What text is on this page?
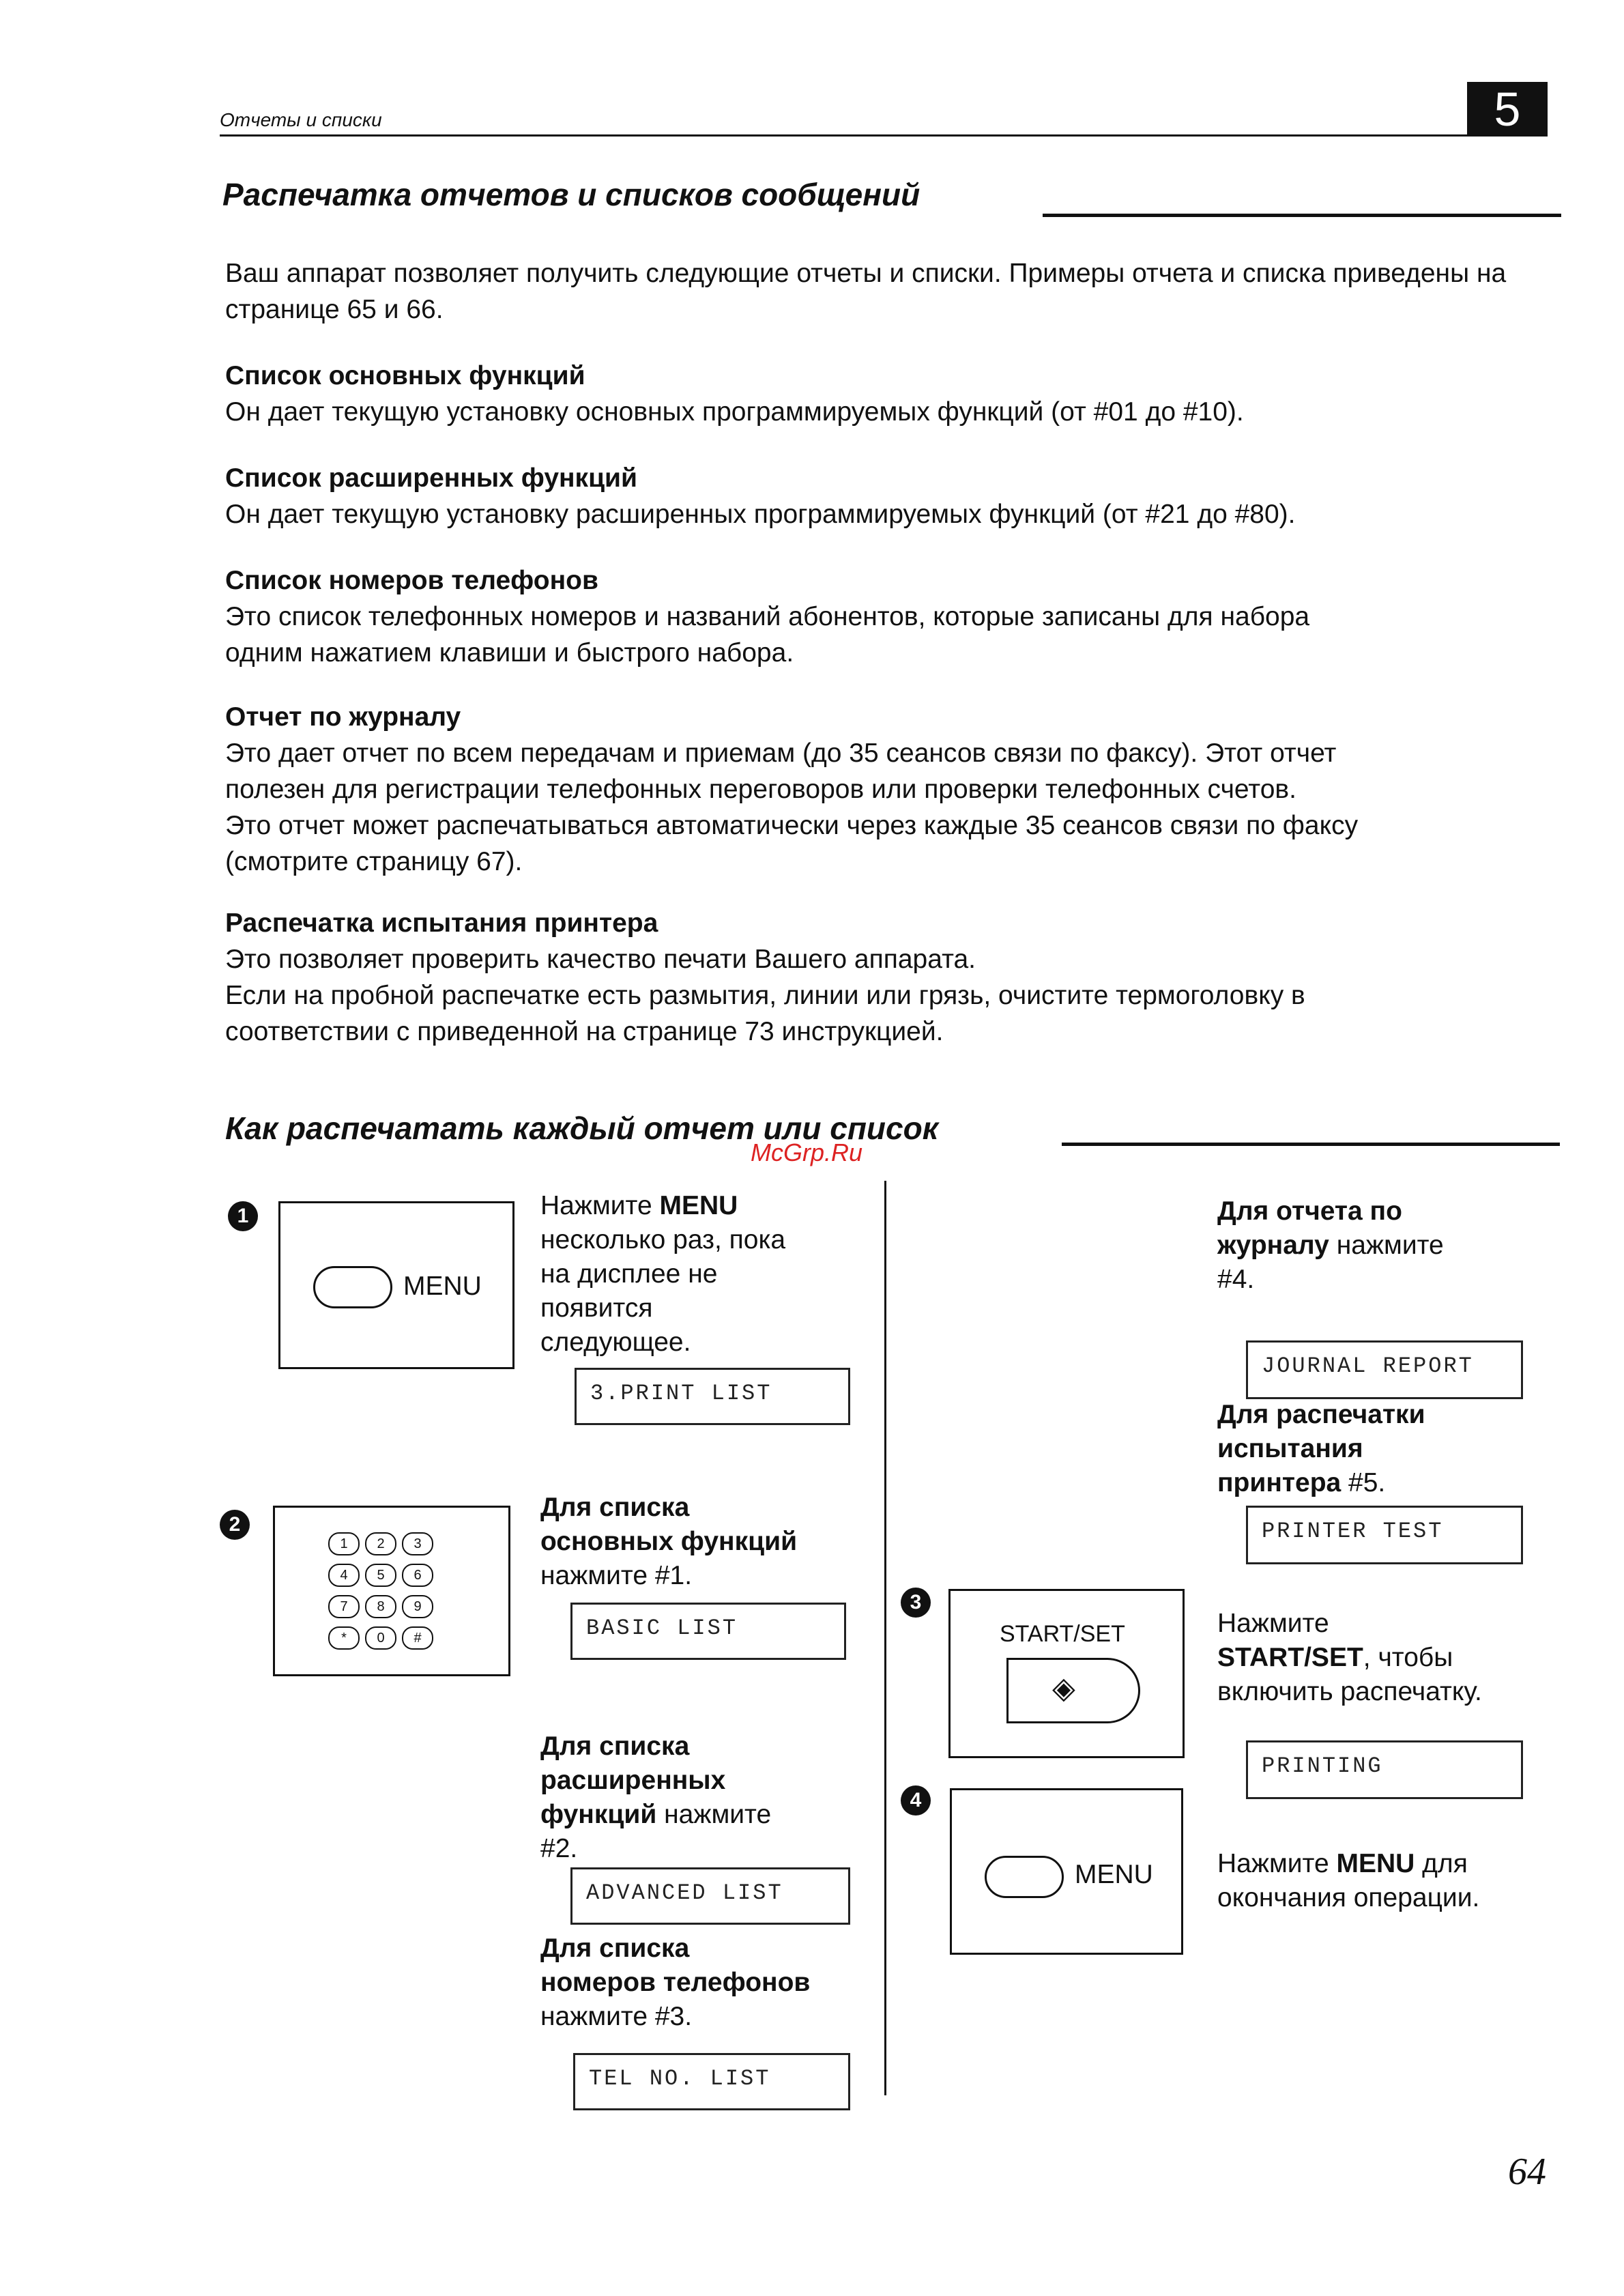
Отчеты и списки	5
Распечатка отчетов и списков сообщений
Ваш аппарат позволяет получить следующие отчеты и списки. Примеры отчета и списка приведены на странице 65 и 66.
Список основных функций
Он дает текущую установку основных программируемых функций (от #01 до #10).
Список расширенных функций
Он дает текущую установку расширенных программируемых функций (от #21 до #80).
Список номеров телефонов
Это список телефонных номеров и названий абонентов, которые записаны для набора
одним нажатием клавиши и быстрого набора.
Отчет по журналу
Это дает отчет по всем передачам и приемам (до 35 сеансов связи по факсу). Этот отчет
полезен для регистрации телефонных переговоров или проверки телефонных счетов.
Это отчет может распечатываться автоматически через каждые 35 сеансов связи по факсу
(смотрите страницу 67).
Распечатка испытания принтера
Это позволяет проверить качество печати Вашего аппарата.
Если на пробной распечатке есть размытия, линии или грязь, очистите термоголовку в
соответствии с приведенной на странице 73 инструкцией.
Как распечатать каждый отчет или список
McGrp.Ru
1
MENU
Нажмите MENU
несколько раз, пока
на дисплее не
появится
следующее.
3.PRINT LIST
2
1	2	3
4	5	6
7	8	9
*	0	#
Для списка
основных функций
нажмите #1.
BASIC LIST
Для списка
расширенных
функций нажмите
#2.
ADVANCED LIST
Для списка
номеров телефонов
нажмите #3.
TEL NO. LIST
Для отчета по
журналу нажмите
#4.
JOURNAL REPORT
Для распечатки
испытания
принтера #5.
PRINTER TEST
3
START/SET
◈
Нажмите
START/SET, чтобы
включить распечатку.
PRINTING
4
MENU Нажмите MENU для
окончания операции.
64
